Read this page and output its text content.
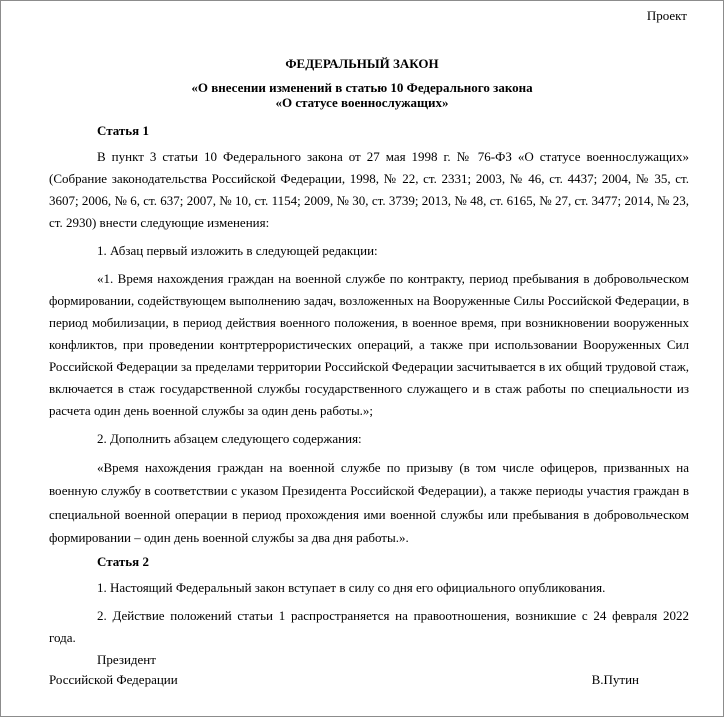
Проект
ФЕДЕРАЛЬНЫЙ ЗАКОН
«О внесении изменений в статью 10 Федерального закона
«О статусе военнослужащих»
Статья 1

В пункт 3 статьи 10 Федерального закона от 27 мая 1998 г. № 76-ФЗ «О статусе военнослужащих» (Собрание законодательства Российской Федерации, 1998, № 22, ст. 2331; 2003, № 46, ст. 4437; 2004, № 35, ст. 3607; 2006, № 6, ст. 637; 2007, № 10, ст. 1154; 2009, № 30, ст. 3739; 2013, № 48, ст. 6165, № 27, ст. 3477; 2014, № 23, ст. 2930) внести следующие изменения:

1. Абзац первый изложить в следующей редакции:

«1. Время нахождения граждан на военной службе по контракту, период пребывания в добровольческом формировании, содействующем выполнению задач, возложенных на Вооруженные Силы Российской Федерации, в период мобилизации, в период действия военного положения, в военное время, при возникновении вооруженных конфликтов, при проведении контртеррористических операций, а также при использовании Вооруженных Сил Российской Федерации за пределами территории Российской Федерации засчитывается в их общий трудовой стаж, включается в стаж государственной службы государственного служащего и в стаж работы по специальности из расчета один день военной службы за один день работы.»;

2. Дополнить абзацем следующего содержания:

«Время нахождения граждан на военной службе по призыву (в том числе офицеров, призванных на военную службу в соответствии с указом Президента Российской Федерации), а также периоды участия граждан в специальной военной операции в период прохождения ими военной службы или пребывания в добровольческом формировании – один день военной службы за два дня работы.».

Статья 2

1. Настоящий Федеральный закон вступает в силу со дня его официального опубликования.

2. Действие положений статьи 1 распространяется на правоотношения, возникшие с 24 февраля 2022 года.

Президент
Российской Федерации	В.Путин
